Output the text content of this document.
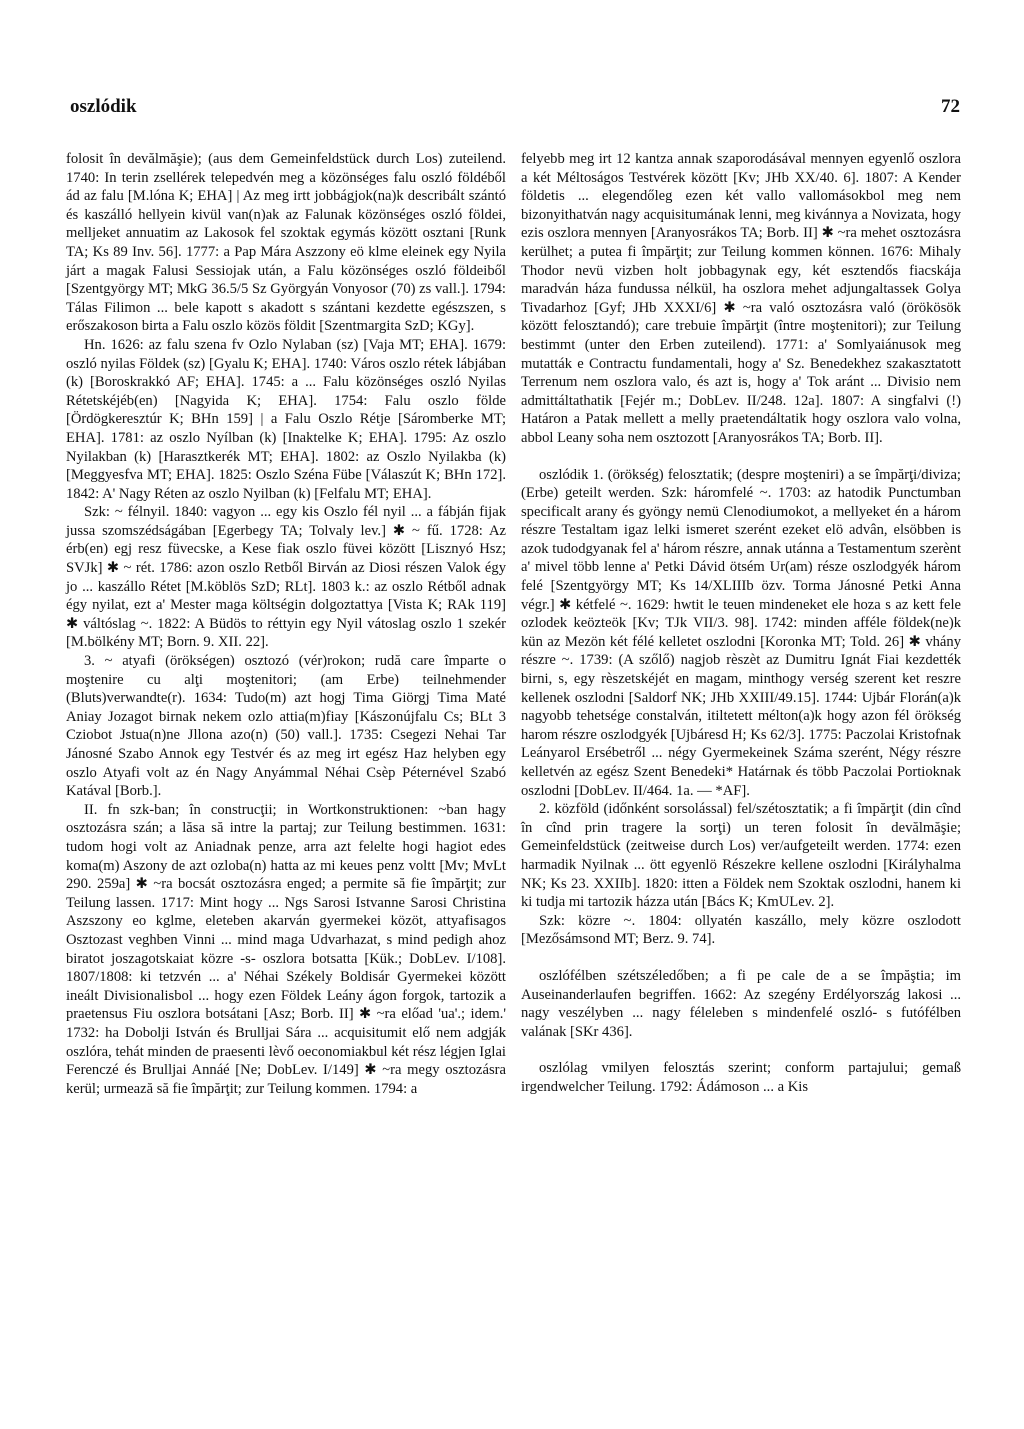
oszlódik	72

folosit în devălmăşie); (aus dem Gemeinfeldstück durch Los) zuteilend. 1740: In terin zsellérek telepedvén meg a közönséges falu oszló földéből ád az falu [M.lóna K; EHA] | Az meg irtt jobbágjok(na)k describált szántó és kaszálló hellyein kivül van(n)ak az Falunak közönséges oszló földei, melljeket annuatim az Lakosok fel szoktak egymás között osztani [Runk TA; Ks 89 Inv. 56]. 1777: a Pap Mára Aszzony eö klme eleinek egy Nyila járt a magak Falusi Sessiojak után, a Falu közönséges oszló földeiből [Szentgyörgy MT; MkG 36.5/5 Sz Györgyán Vonyosor (70) zs vall.]. 1794: Tálas Filimon ... bele kapott s akadott s szántani kezdette egészszen, s erőszakoson birta a Falu oszlo közös földit [Szentmargita SzD; KGy].

Hn. 1626: az falu szena fv Ozlo Nylaban (sz) [Vaja MT; EHA]. 1679: oszló nyilas Földek (sz) [Gyalu K; EHA]. 1740: Város oszlo rétek lábjában (k) [Boroskrakkó AF; EHA]. 1745: a ... Falu közönséges oszló Nyilas Rétetskéjéb(en) [Nagyida K; EHA]. 1754: Falu oszlo földe [Ördögkeresztúr K; BHn 159] | a Falu Oszlo Rétje [Sáromberke MT; EHA]. 1781: az oszlo Nyílban (k) [Inaktelke K; EHA]. 1795: Az oszlo Nyilakban (k) [Harasztkerék MT; EHA]. 1802: az Oszlo Nyilakba (k) [Meggyesfva MT; EHA]. 1825: Oszlo Széna Fübe [Válaszút K; BHn 172]. 1842: A' Nagy Réten az oszlo Nyilban (k) [Felfalu MT; EHA].

Szk: ~ félnyil. 1840: vagyon ... egy kis Oszlo fél nyil ... a fábján fijak jussa szomszédságában [Egerbegy TA; Tolvaly lev.] ✱ ~ fű. 1728: Az érb(en) egj resz füvecske, a Kese fiak oszlo füvei között [Lisznyó Hsz; SVJk] ✱ ~ rét. 1786: azon oszlo Retből Birván az Diosi részen Valok égy jo ... kaszállo Rétet [M.köblös SzD; RLt]. 1803 k.: az oszlo Rétből adnak égy nyilat, ezt a' Mester maga költségin dolgoztattya [Vista K; RAk 119] ✱ váltóslag ~. 1822: A Büdös to réttyin egy Nyil vátoslag oszlo 1 szekér [M.bölkény MT; Born. 9. XII. 22].

3. ~ atyafi (örökségen) osztozó (vér)rokon; rudă care împarte o moştenire cu alţi moştenitori; (am Erbe) teilnehmender (Bluts)verwandte(r). 1634: Tudo(m) azt hogj Tima Giörgj Tima Maté Aniay Jozagot birnak nekem ozlo attia(m)fiay [Kászonújfalu Cs; BLt 3 Cziobot Jstua(n)ne Jllona azo(n) (50) vall.]. 1735: Csegezi Nehai Tar Jánosné Szabo Annok egy Testvér és az meg irt egész Haz helyben egy oszlo Atyafi volt az én Nagy Anyámmal Néhai Csèp Péternével Szabó Katával [Borb.].

II. fn szk-ban; în construcţii; in Wortkonstruktionen: ~ban hagy osztozásra szán; a lăsa să intre la partaj; zur Teilung bestimmen. 1631: tudom hogi volt az Aniadnak penze, arra azt felelte hogi hagiot edes koma(m) Aszony de azt ozloba(n) hatta az mi keues penz voltt [Mv; MvLt 290. 259a] ✱ ~ra bocsát osztozásra enged; a permite să fie împărţit; zur Teilung lassen. 1717: Mint hogy ... Ngs Sarosi Istvanne Sarosi Christina Aszszony eo kglme, eleteben akarván gyermekei közöt, attyafisagos Osztozast veghben Vinni ... mind maga Udvarhazat, s mind pedigh ahoz biratot joszagotskaiat közre -s- oszlora botsatta [Kük.; DobLev. I/108]. 1807/1808: ki tetzvén ... a' Néhai Székely Boldisár Gyermekei között ineált Divisionalisbol ... hogy ezen Földek Leány ágon forgok, tartozik a praetensus Fiu oszlora botsátani [Asz; Borb. II] ✱ ~ra előad 'ua'.; idem.' 1732: ha Dobolji István és Brulljai Sára ... acquisitumit elő nem adgják oszlóra, tehát minden de praesenti lèvő oeconomiakbul két rész légjen Iglai Ferenczé és Brulljai Annáé [Ne; DobLev. I/149] ✱ ~ra megy osztozásra kerül; urmează să fie împărţit; zur Teilung kommen. 1794: a

felyebb meg irt 12 kantza annak szaporodásával mennyen egyenlő oszlora a két Méltoságos Testvérek között [Kv; JHb XX/40. 6]. 1807: A Kender földetis ... elegendőleg ezen két vallo vallomásokbol meg nem bizonyithatván nagy acquisitumának lenni, meg kivánnya a Novizata, hogy ezis oszlora mennyen [Aranyosrákos TA; Borb. II] ✱ ~ra mehet osztozásra kerülhet; a putea fi împărţit; zur Teilung kommen können. 1676: Mihaly Thodor nevü vizben holt jobbagynak egy, két esztendős fiacskája maradván háza fundussa nélkül, ha oszlora mehet adjungaltassek Golya Tivadarhoz [Gyf; JHb XXXI/6] ✱ ~ra való osztozásra való (örökösök között felosztandó); care trebuie împărţit (între moştenitori); zur Teilung bestimmt (unter den Erben zuteilend). 1771: a' Somlyaiánusok meg mutatták e Contractu fundamentali, hogy a' Sz. Benedekhez szakasztatott Terrenum nem oszlora valo, és azt is, hogy a' Tok aránt ... Divisio nem admittáltathatik [Fejér m.; DobLev. II/248. 12a]. 1807: A singfalvi (!) Határon a Patak mellett a melly praetendáltatik hogy oszlora valo volna, abbol Leany soha nem osztozott [Aranyosrákos TA; Borb. II].

oszlódik 1. (örökség) felosztatik; (despre moşteniri) a se împărţi/diviza; (Erbe) geteilt werden. Szk: háromfelé ~. 1703: az hatodik Punctumban specificalt arany és gyöngy nemü Clenodiumokot, a mellyeket én a három részre Testaltam igaz lelki ismeret szerént ezeket elö advân, elsöbben is azok tudodgyanak fel a' három részre, annak utánna a Testamentum szerènt a' mivel több lenne a' Petki Dávid ötsém Ur(am) része oszlodgyék három felé [Szentgyörgy MT; Ks 14/XLIIIb özv. Torma Jánosné Petki Anna végr.] ✱ kétfelé ~. 1629: hwtit le teuen mindeneket ele hoza s az kett fele ozlodek keözteök [Kv; TJk VII/3. 98]. 1742: minden afféle földek(ne)k kün az Mezön két félé kelletet oszlodni [Koronka MT; Told. 26] ✱ vhány részre ~. 1739: (A szőlő) nagjob rèszèt az Dumitru Ignát Fiai kezdették birni, s, egy rèszetskéjét en magam, minthogy verség szerent ket reszre kellenek oszlodni [Saldorf NK; JHb XXIII/49.15]. 1744: Ujbár Florán(a)k nagyobb tehetsége constalván, itiltetett mélton(a)k hogy azon fél örökség harom részre oszlodgyék [Ujbáresd H; Ks 62/3]. 1775: Paczolai Kristofnak Leányarol Ersébetről ... négy Gyermekeinek Száma szerént, Négy részre kelletvén az egész Szent Benedeki* Határnak és több Paczolai Portioknak oszlodni [DobLev. II/464. 1a. — *AF].

2. közföld (időnként sorsolással) fel/szétosztatik; a fi împărţit (din cînd în cînd prin tragere la sorţi) un teren folosit în devălmăşie; Gemeinfeldstück (zeitweise durch Los) ver/aufgeteilt werden. 1774: ezen harmadik Nyilnak ... ött egyenlö Részekre kellene oszlodni [Királyhalma NK; Ks 23. XXIIb]. 1820: itten a Földek nem Szoktak oszlodni, hanem ki ki tudja mi tartozik házza után [Bács K; KmULev. 2].

Szk: közre ~. 1804: ollyatén kaszállo, mely közre oszlodott [Mezősámsond MT; Berz. 9. 74].

oszlófélben szétszéledőben; a fi pe cale de a se împăştia; im Auseinanderlaufen begriffen. 1662: Az szegény Erdélyország lakosi ... nagy veszélyben ... nagy féleleben s mindenfelé oszló- s futófélben valának [SKr 436].

oszlólag vmilyen felosztás szerint; conform partajului; gemaß irgendwelcher Teilung. 1792: Ádámoson ... a Kis
